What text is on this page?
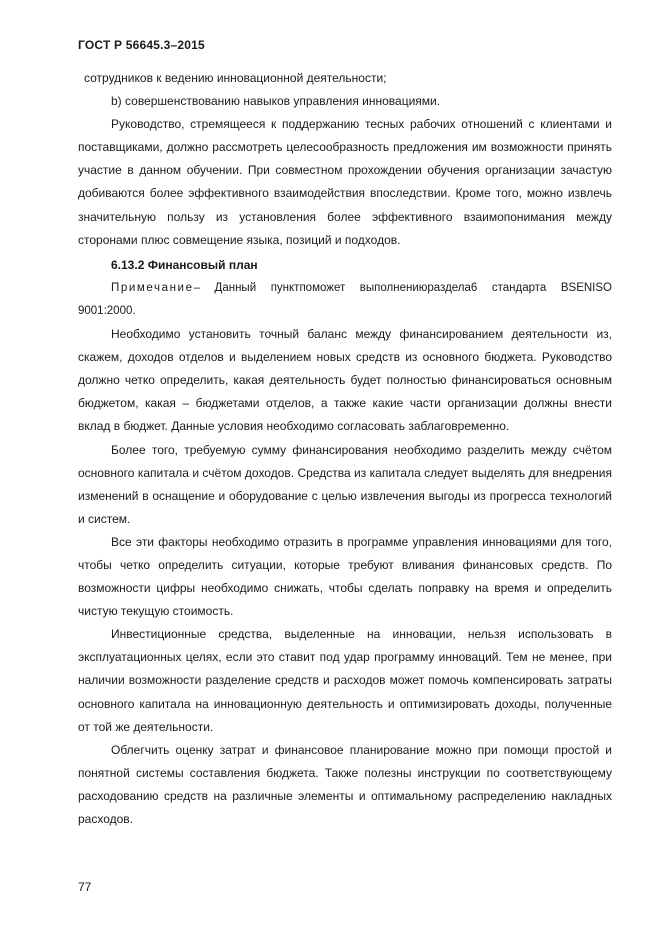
ГОСТ Р 56645.3–2015

сотрудников к ведению инновационной деятельности;

b) совершенствованию навыков управления инновациями.

Руководство, стремящееся к поддержанию тесных рабочих отношений с клиентами и поставщиками, должно рассмотреть целесообразность предложения им возможности принять участие в данном обучении. При совместном прохождении обучения организации зачастую добиваются более эффективного взаимодействия впоследствии. Кроме того, можно извлечь значительную пользу из установления более эффективного взаимопонимания между сторонами плюс совмещение языка, позиций и подходов.

6.13.2 Финансовый план

Примечание– Данный пунктпоможет выполнениюраздела6 стандарта BSENISO 9001:2000.

Необходимо установить точный баланс между финансированием деятельности из, скажем, доходов отделов и выделением новых средств из основного бюджета. Руководство должно четко определить, какая деятельность будет полностью финансироваться основным бюджетом, какая – бюджетами отделов, а также какие части организации должны внести вклад в бюджет. Данные условия необходимо согласовать заблаговременно.

Более того, требуемую сумму финансирования необходимо разделить между счётом основного капитала и счётом доходов. Средства из капитала следует выделять для внедрения изменений в оснащение и оборудование с целью извлечения выгоды из прогресса технологий и систем.

Все эти факторы необходимо отразить в программе управления инновациями для того, чтобы четко определить ситуации, которые требуют вливания финансовых средств. По возможности цифры необходимо снижать, чтобы сделать поправку на время и определить чистую текущую стоимость.

Инвестиционные средства, выделенные на инновации, нельзя использовать в эксплуатационных целях, если это ставит под удар программу инноваций. Тем не менее, при наличии возможности разделение средств и расходов может помочь компенсировать затраты основного капитала на инновационную деятельность и оптимизировать доходы, полученные от той же деятельности.

Облегчить оценку затрат и финансовое планирование можно при помощи простой и понятной системы составления бюджета. Также полезны инструкции по соответствующему расходованию средств на различные элементы и оптимальному распределению накладных расходов.

77
